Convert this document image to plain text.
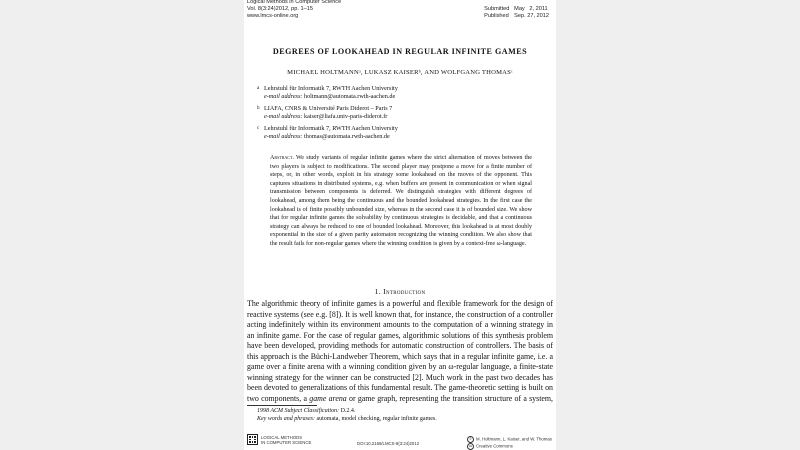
Logical Methods in Computer Science
Vol. 8(3:24)2012, pp. 1–15
www.lmcs-online.org
Submitted May   2, 2011
Published Sep. 27, 2012
DEGREES OF LOOKAHEAD IN REGULAR INFINITE GAMES
MICHAEL HOLTMANNᵃ, LUKASZ KAISERᵇ, AND WOLFGANG THOMASᶜ
a Lehrstuhl für Informatik 7, RWTH Aachen University
e-mail address: holtmann@automata.rwth-aachen.de
b LIAFA, CNRS & Université Paris Diderot – Paris 7
e-mail address: kaiser@liafa.univ-paris-diderot.fr
c Lehrstuhl für Informatik 7, RWTH Aachen University
e-mail address: thomas@automata.rwth-aachen.de
Abstract. We study variants of regular infinite games where the strict alternation of moves between the two players is subject to modifications. The second player may postpone a move for a finite number of steps, or, in other words, exploit in his strategy some lookahead on the moves of the opponent. This captures situations in distributed systems, e.g. when buffers are present in communication or when signal transmission between components is deferred. We distinguish strategies with different degrees of lookahead, among them being the continuous and the bounded lookahead strategies. In the first case the lookahead is of finite possibly unbounded size, whereas in the second case it is of bounded size. We show that for regular infinite games the solvability by continuous strategies is decidable, and that a continuous strategy can always be reduced to one of bounded lookahead. Moreover, this lookahead is at most doubly exponential in the size of a given parity automaton recognizing the winning condition. We also show that the result fails for non-regular games where the winning condition is given by a context-free ω-language.
1. Introduction
The algorithmic theory of infinite games is a powerful and flexible framework for the design of reactive systems (see e.g. [8]). It is well known that, for instance, the construction of a controller acting indefinitely within its environment amounts to the computation of a winning strategy in an infinite game. For the case of regular games, algorithmic solutions of this synthesis problem have been developed, providing methods for automatic construction of controllers. The basis of this approach is the Büchi-Landweber Theorem, which says that in a regular infinite game, i.e. a game over a finite arena with a winning condition given by an ω-regular language, a finite-state winning strategy for the winner can be constructed [2]. Much work in the past two decades has been devoted to generalizations of this fundamental result. The game-theoretic setting is built on two components, a game arena or game graph, representing the transition structure of a system,
1998 ACM Subject Classification: D.2.4.
Key words and phrases: automata, model checking, regular infinite games.
LOGICAL METHODS
IN COMPUTER SCIENCE	DOI:10.2168/LMCS-8(3:24)2012
© M. Holtmann, L. Kaiser, and W. Thomas
cc Creative Commons
